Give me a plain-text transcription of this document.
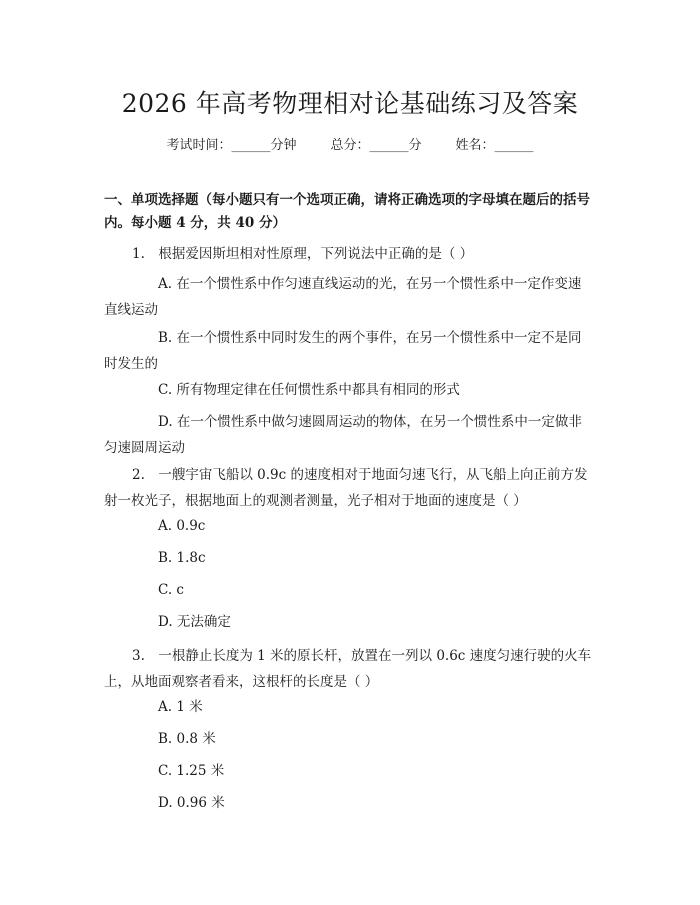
2026 年高考物理相对论基础练习及答案
考试时间：______分钟	总分：______分	姓名：______
一、单项选择题（每小题只有一个选项正确，请将正确选项的字母填在题后的括号内。每小题 4 分，共 40 分）
1.　根据爱因斯坦相对性原理，下列说法中正确的是（ ）
A. 在一个惯性系中作匀速直线运动的光，在另一个惯性系中一定作变速直线运动
B. 在一个惯性系中同时发生的两个事件，在另一个惯性系中一定不是同时发生的
C. 所有物理定律在任何惯性系中都具有相同的形式
D. 在一个惯性系中做匀速圆周运动的物体，在另一个惯性系中一定做非匀速圆周运动
2.　一艘宇宙飞船以 0.9c 的速度相对于地面匀速飞行，从飞船上向正前方发射一枚光子，根据地面上的观测者测量，光子相对于地面的速度是（ ）
A. 0.9c
B. 1.8c
C. c
D. 无法确定
3.　一根静止长度为 1 米的原长杆，放置在一列以 0.6c 速度匀速行驶的火车上，从地面观察者看来，这根杆的长度是（ ）
A. 1 米
B. 0.8 米
C. 1.25 米
D. 0.96 米
